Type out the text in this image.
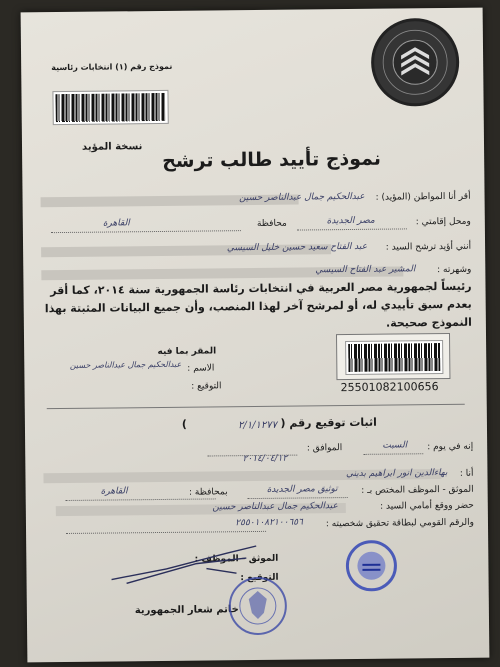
نموذج رقم (١) انتخابات رئاسية
نموذج تأييد طالب ترشح
نسخة المؤيد
أقر أنا المواطن (المؤيد) :
عبدالحكيم جمال عبدالناصر حسين
ومحل إقامتي :
مصر الجديدة
محافظة
القاهرة
أنني أؤيد ترشح السيد :
عبد الفتاح سعيد حسين خليل السيسي
وشهرته :
المشير عبد الفتاح السيسي
رئيساً لجمهورية مصر العربية في انتخابات رئاسة الجمهورية سنة ٢٠١٤، كما أقر بعدم سبق تأييدي له، أو لمرشح آخر لهذا المنصب، وأن جميع البيانات المثبتة بهذا النموذج صحيحة.
المقر بما فيه
الاسم :
عبدالحكيم جمال عبدالناصر حسين
التوقيع :	25501082100656
اثبات توقيع رقم (
٢/١/١٢٧٧
)
إنه في يوم :
السبت
الموافق :
٢٠١٤/٠٤/١٢
أنا :
بهاءالدين انور ابراهيم بديني
الموثق - الموظف المختص بـ :
توثيق مصر الجديدة
بمحافظة :
القاهرة
حضر ووقع أمامي السيد :
عبدالحكيم جمال عبدالناصر حسين
والرقم القومي لبطاقة تحقيق شخصيته :
٢٥٥٠١٠٨٢١٠٠٦٥٦
الموثق - الموظف :
التوقيع :
خاتم شعار الجمهورية
